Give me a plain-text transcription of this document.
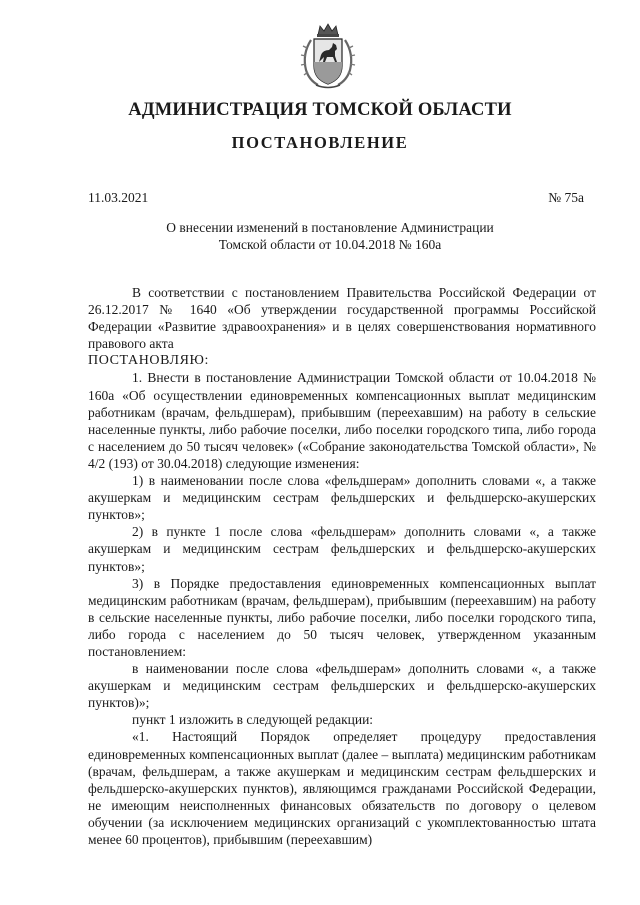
АДМИНИСТРАЦИЯ ТОМСКОЙ ОБЛАСТИ
ПОСТАНОВЛЕНИЕ
11.03.2021	№ 75а
О внесении изменений в постановление Администрации
Томской области от 10.04.2018 № 160а

В соответствии с постановлением Правительства Российской Федерации от 26.12.2017 № 1640 «Об утверждении государственной программы Российской Федерации «Развитие здравоохранения» и в целях совершенствования нормативного правового акта

ПОСТАНОВЛЯЮ:

1. Внести в постановление Администрации Томской области от 10.04.2018 № 160а «Об осуществлении единовременных компенсационных выплат медицинским работникам (врачам, фельдшерам), прибывшим (переехавшим) на работу в сельские населенные пункты, либо рабочие поселки, либо поселки городского типа, либо города с населением до 50 тысяч человек» («Собрание законодательства Томской области», № 4/2 (193) от 30.04.2018) следующие изменения:

1) в наименовании после слова «фельдшерам» дополнить словами «, а также акушеркам и медицинским сестрам фельдшерских и фельдшерско-акушерских пунктов»;

2) в пункте 1 после слова «фельдшерам» дополнить словами «, а также акушеркам и медицинским сестрам фельдшерских и фельдшерско-акушерских пунктов»;

3) в Порядке предоставления единовременных компенсационных выплат медицинским работникам (врачам, фельдшерам), прибывшим (переехавшим) на работу в сельские населенные пункты, либо рабочие поселки, либо поселки городского типа, либо города с населением до 50 тысяч человек, утвержденном указанным постановлением:

в наименовании после слова «фельдшерам» дополнить словами «, а также акушеркам и медицинским сестрам фельдшерских и фельдшерско-акушерских пунктов)»;

пункт 1 изложить в следующей редакции:

«1. Настоящий Порядок определяет процедуру предоставления единовременных компенсационных выплат (далее – выплата) медицинским работникам (врачам, фельдшерам, а также акушеркам и медицинским сестрам фельдшерских и фельдшерско-акушерских пунктов), являющимся гражданами Российской Федерации, не имеющим неисполненных финансовых обязательств по договору о целевом обучении (за исключением медицинских организаций с укомплектованностью штата менее 60 процентов), прибывшим (переехавшим)
